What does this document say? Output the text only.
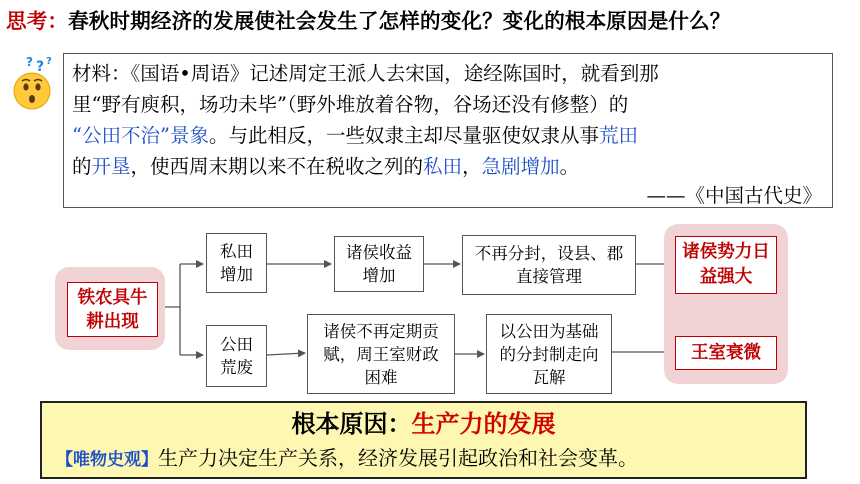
思考：春秋时期经济的发展使社会发生了怎样的变化？变化的根本原因是什么？
? ? ?
材料：《国语•周语》记述周定王派人去宋国，途经陈国时，就看到那
里“野有庾积，场功未毕”（野外堆放着谷物，谷场还没有修整）的
“公田不治”景象。与此相反，一些奴隶主却尽量驱使奴隶从事荒田
的开垦，使西周末期以来不在税收之列的私田，急剧增加。
——《中国古代史》
铁农具牛耕出现
私田增加
诸侯收益增加
不再分封，设县、郡直接管理
诸侯势力日益强大
公田荒废
诸侯不再定期贡赋，周王室财政困难
以公田为基础的分封制走向瓦解
王室衰微
根本原因：生产力的发展
【唯物史观】生产力决定生产关系，经济发展引起政治和社会变革。
